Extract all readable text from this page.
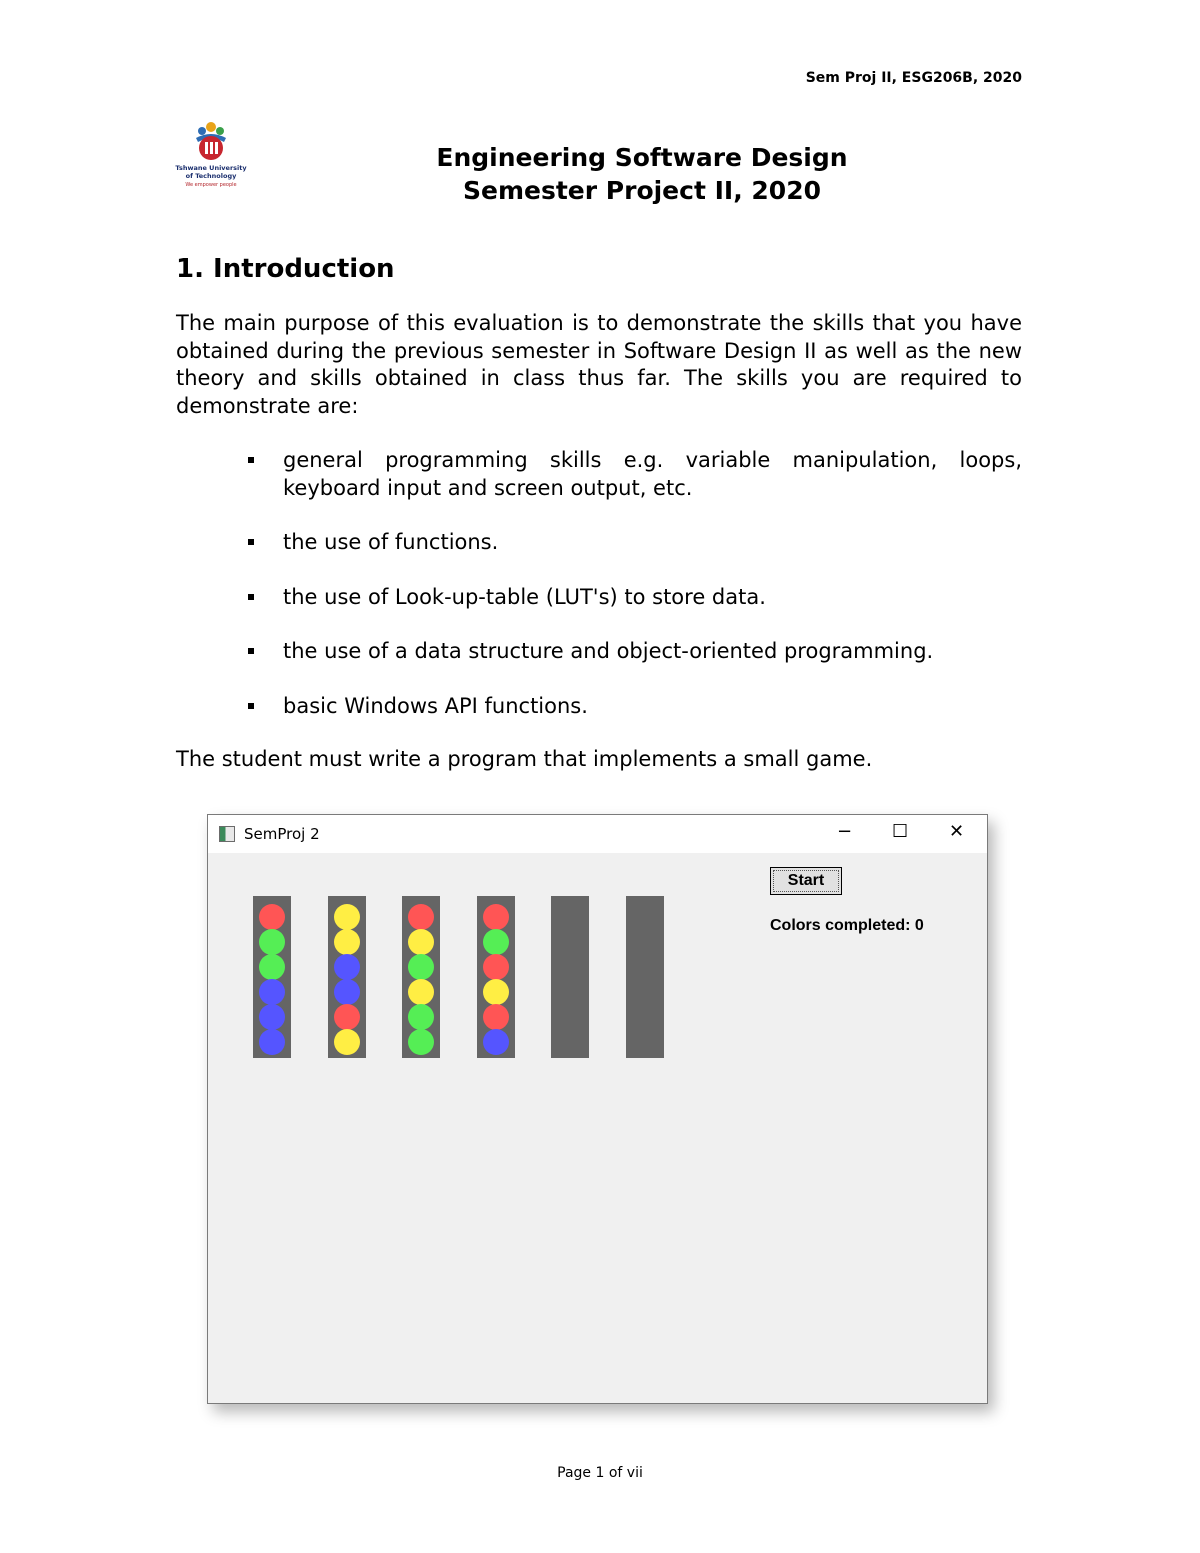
Sem Proj II, ESG206B, 2020
Tshwane University
of Technology
We empower people
Engineering Software Design
Semester Project II, 2020
1. Introduction

The main purpose of this evaluation is to demonstrate the skills that you have obtained during the previous semester in Software Design II as well as the new theory and skills obtained in class thus far. The skills you are required to demonstrate are:

general programming skills e.g. variable manipulation, loops, keyboard input and screen output, etc.
the use of functions.
the use of Look-up-table (LUT's) to store data.
the use of a data structure and object-oriented programming.
basic Windows API functions.

The student must write a program that implements a small game.

SemProj 2	− ☐ ✕
Start
Colors completed: 0
Page 1 of vii
